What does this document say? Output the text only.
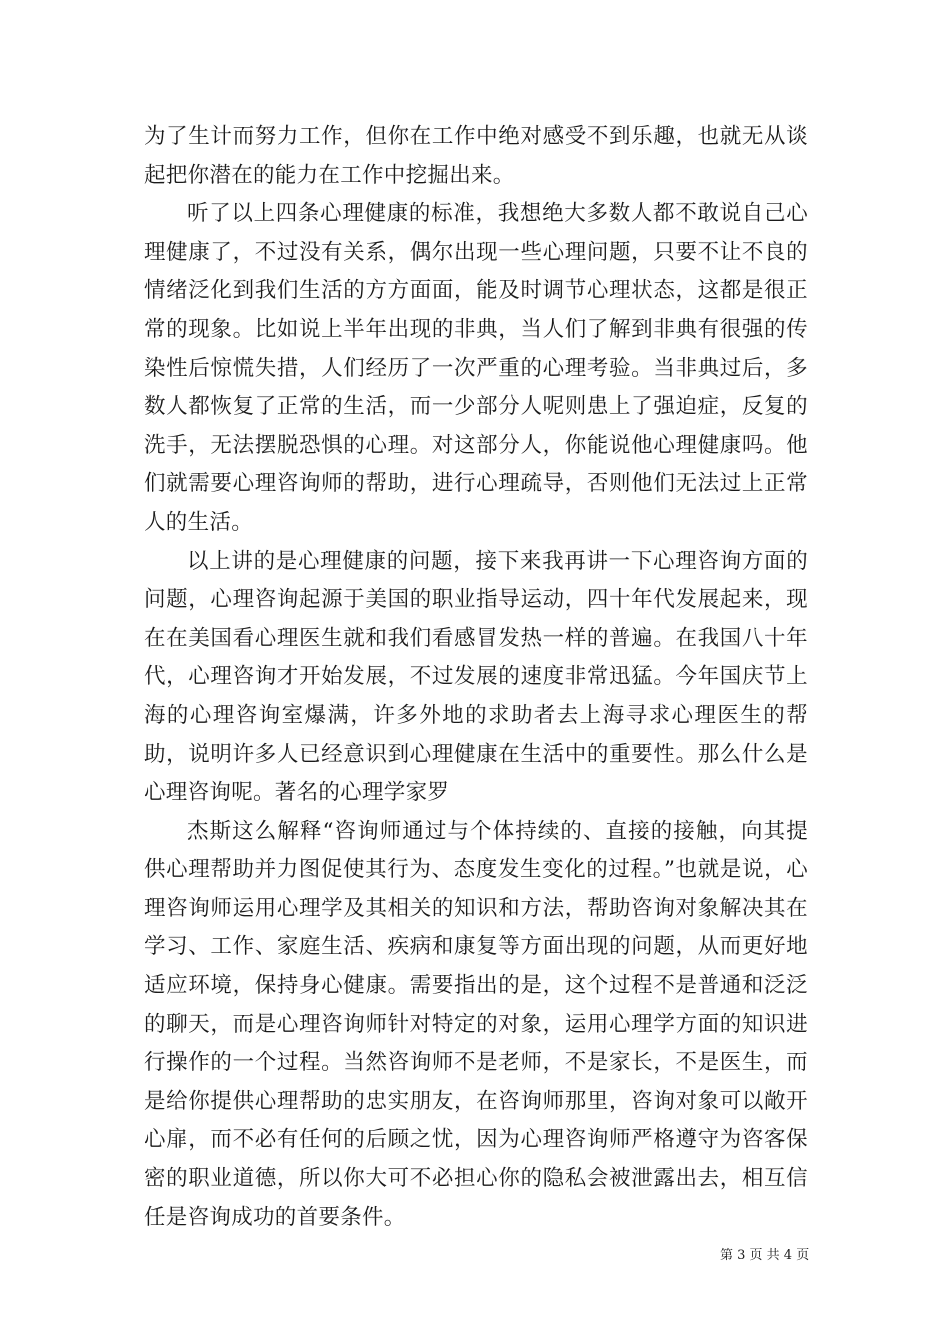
为了生计而努力工作，但你在工作中绝对感受不到乐趣，也就无从谈起把你潜在的能力在工作中挖掘出来。

听了以上四条心理健康的标准，我想绝大多数人都不敢说自己心理健康了，不过没有关系，偶尔出现一些心理问题，只要不让不良的情绪泛化到我们生活的方方面面，能及时调节心理状态，这都是很正常的现象。比如说上半年出现的非典，当人们了解到非典有很强的传染性后惊慌失措，人们经历了一次严重的心理考验。当非典过后，多数人都恢复了正常的生活，而一少部分人呢则患上了强迫症，反复的洗手，无法摆脱恐惧的心理。对这部分人，你能说他心理健康吗。他们就需要心理咨询师的帮助，进行心理疏导，否则他们无法过上正常人的生活。

以上讲的是心理健康的问题，接下来我再讲一下心理咨询方面的问题，心理咨询起源于美国的职业指导运动，四十年代发展起来，现在在美国看心理医生就和我们看感冒发热一样的普遍。在我国八十年代，心理咨询才开始发展，不过发展的速度非常迅猛。今年国庆节上海的心理咨询室爆满，许多外地的求助者去上海寻求心理医生的帮助，说明许多人已经意识到心理健康在生活中的重要性。那么什么是心理咨询呢。著名的心理学家罗

杰斯这么解释“咨询师通过与个体持续的、直接的接触，向其提供心理帮助并力图促使其行为、态度发生变化的过程。”也就是说，心理咨询师运用心理学及其相关的知识和方法，帮助咨询对象解决其在学习、工作、家庭生活、疾病和康复等方面出现的问题，从而更好地适应环境，保持身心健康。需要指出的是，这个过程不是普通和泛泛的聊天，而是心理咨询师针对特定的对象，运用心理学方面的知识进行操作的一个过程。当然咨询师不是老师，不是家长，不是医生，而是给你提供心理帮助的忠实朋友，在咨询师那里，咨询对象可以敞开心扉，而不必有任何的后顾之忧，因为心理咨询师严格遵守为咨客保密的职业道德，所以你大可不必担心你的隐私会被泄露出去，相互信任是咨询成功的首要条件。

第 3 页 共 4 页
